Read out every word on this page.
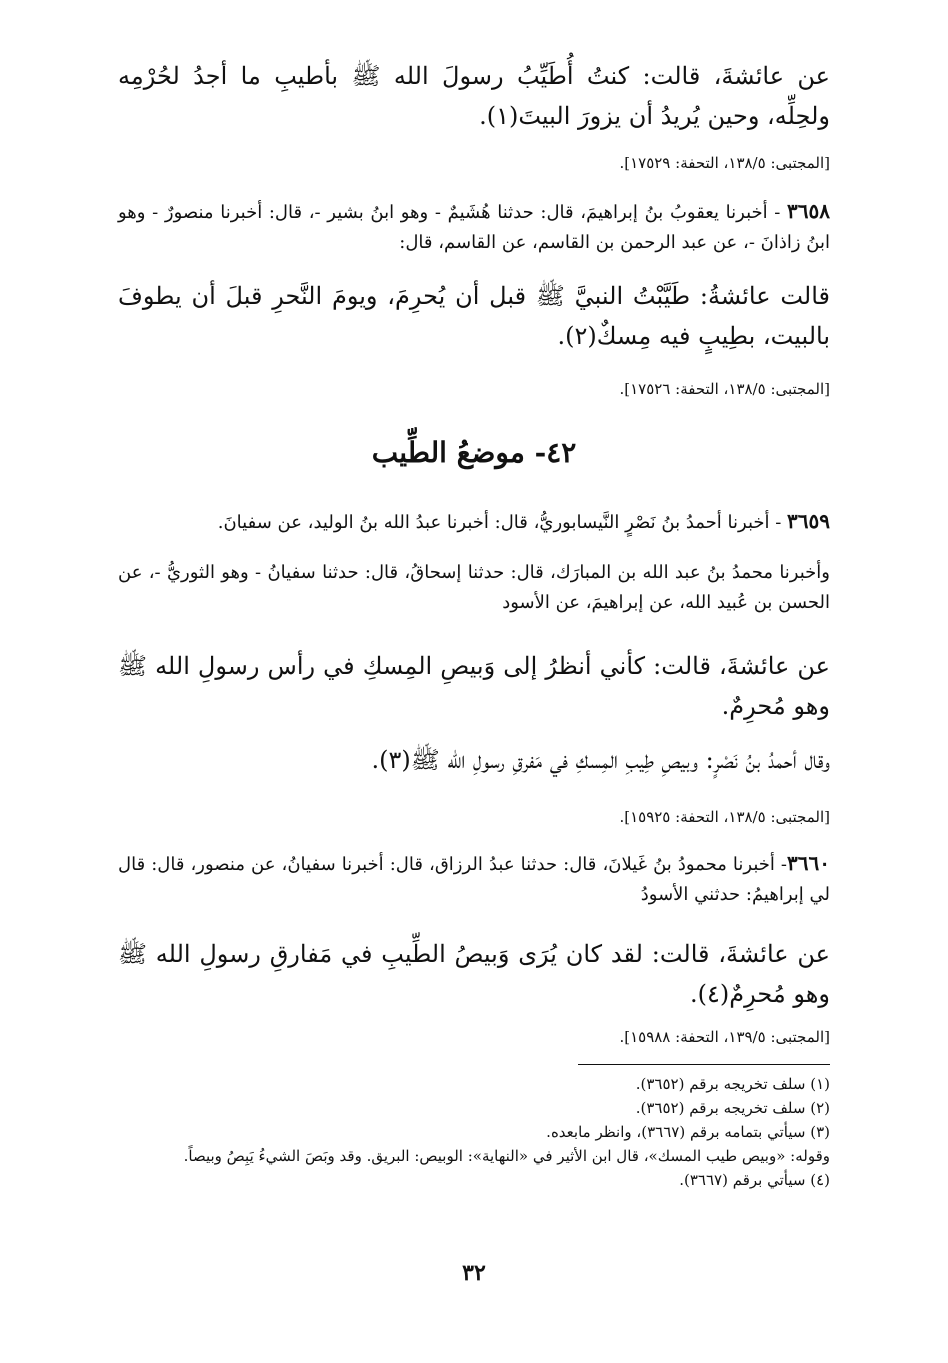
عن عائشةَ، قالت: كنتُ أُطَيِّبُ رسولَ الله ﷺ بأطيبِ ما أجدُ لحُرْمِه ولحِلِّه، وحين يُريدُ أن يزورَ البيتَ(١).

[المجتبى: ١٣٨/٥، التحفة: ١٧٥٢٩].

٣٦٥٨ - أخبرنا يعقوبُ بنُ إبراهيمَ، قال: حدثنا هُشَيمٌ - وهو ابنُ بشير -، قال: أخبرنا منصورٌ - وهو ابنُ زاذانَ -، عن عبد الرحمن بن القاسم، عن القاسم، قال:

قالت عائشةُ: طَيَّبْتُ النبيَّ ﷺ قبل أن يُحرِمَ، ويومَ النَّحرِ قبلَ أن يطوفَ بالبيت، بطِيبٍ فيه مِسكٌ(٢).

[المجتبى: ١٣٨/٥، التحفة: ١٧٥٢٦].

٤٢- موضعُ الطِّيب

٣٦٥٩ - أخبرنا أحمدُ بنُ نَصْرٍ النَّيسابوريُّ، قال: أخبرنا عبدُ الله بنُ الوليد، عن سفيانَ.

وأخبرنا محمدُ بنُ عبد الله بن المبارَك، قال: حدثنا إسحاقُ، قال: حدثنا سفيانُ - وهو الثوريُّ -، عن الحسن بن عُبيد الله، عن إبراهيمَ، عن الأسود

عن عائشةَ، قالت: كأني أنظرُ إلى وَبيصِ المِسكِ في رأس رسولِ الله ﷺ وهو مُحرِمٌ.

وقال أحمدُ بنُ نَصْرٍ: وبيصِ طِيبِ المِسكِ في مَفرقِ رسولِ الله ﷺ(٣).

[المجتبى: ١٣٨/٥، التحفة: ١٥٩٢٥].

٣٦٦٠- أخبرنا محمودُ بنُ غَيلانَ، قال: حدثنا عبدُ الرزاق، قال: أخبرنا سفيانُ، عن منصور، قال: قال لي إبراهيمُ: حدثني الأسودُ

عن عائشةَ، قالت: لقد كان يُرَى وَبيصُ الطِّيبِ في مَفارقِ رسولِ الله ﷺ وهو مُحرِمٌ(٤).

[المجتبى: ١٣٩/٥، التحفة: ١٥٩٨٨].

(١) سلف تخريجه برقم (٣٦٥٢).
(٢) سلف تخريجه برقم (٣٦٥٢).
(٣) سيأتي بتمامه برقم (٣٦٦٧)، وانظر مابعده.
وقوله: «وبيص طيب المسك»، قال ابن الأثير في «النهاية»: الوبيص: البريق. وقد وبَصَ الشيءُ يَبِصُ وبيصاً.
(٤) سيأتي برقم (٣٦٦٧).
٣٢
